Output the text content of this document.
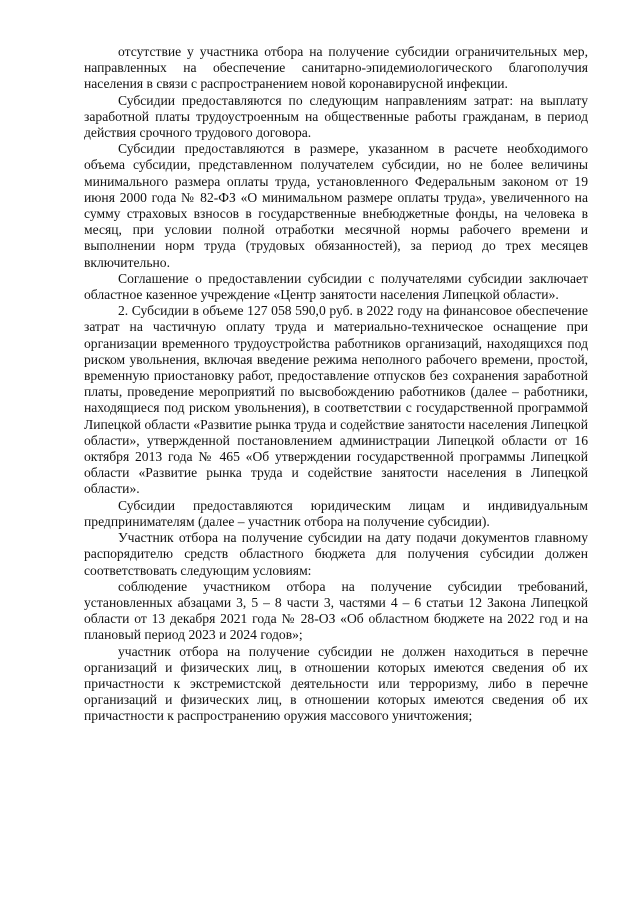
отсутствие у участника отбора на получение субсидии ограничительных мер, направленных на обеспечение санитарно-эпидемиологического благополучия населения в связи с распространением новой коронавирусной инфекции.

Субсидии предоставляются по следующим направлениям затрат: на выплату заработной платы трудоустроенным на общественные работы гражданам, в период действия срочного трудового договора.

Субсидии предоставляются в размере, указанном в расчете необходимого объема субсидии, представленном получателем субсидии, но не более величины минимального размера оплаты труда, установленного Федеральным законом от 19 июня 2000 года № 82-ФЗ «О минимальном размере оплаты труда», увеличенного на сумму страховых взносов в государственные внебюджетные фонды, на человека в месяц, при условии полной отработки месячной нормы рабочего времени и выполнении норм труда (трудовых обязанностей), за период до трех месяцев включительно.

Соглашение о предоставлении субсидии с получателями субсидии заключает областное казенное учреждение «Центр занятости населения Липецкой области».

2. Субсидии в объеме 127 058 590,0 руб. в 2022 году на финансовое обеспечение затрат на частичную оплату труда и материально-техническое оснащение при организации временного трудоустройства работников организаций, находящихся под риском увольнения, включая введение режима неполного рабочего времени, простой, временную приостановку работ, предоставление отпусков без сохранения заработной платы, проведение мероприятий по высвобождению работников (далее – работники, находящиеся под риском увольнения), в соответствии с государственной программой Липецкой области «Развитие рынка труда и содействие занятости населения Липецкой области», утвержденной постановлением администрации Липецкой области от 16 октября 2013 года № 465 «Об утверждении государственной программы Липецкой области «Развитие рынка труда и содействие занятости населения в Липецкой области».

Субсидии предоставляются юридическим лицам и индивидуальным предпринимателям (далее – участник отбора на получение субсидии).

Участник отбора на получение субсидии на дату подачи документов главному распорядителю средств областного бюджета для получения субсидии должен соответствовать следующим условиям:

соблюдение участником отбора на получение субсидии требований, установленных абзацами 3, 5 – 8 части 3, частями 4 – 6 статьи 12 Закона Липецкой области от 13 декабря 2021 года № 28-ОЗ «Об областном бюджете на 2022 год и на плановый период 2023 и 2024 годов»;

участник отбора на получение субсидии не должен находиться в перечне организаций и физических лиц, в отношении которых имеются сведения об их причастности к экстремистской деятельности или терроризму, либо в перечне организаций и физических лиц, в отношении которых имеются сведения об их причастности к распространению оружия массового уничтожения;
